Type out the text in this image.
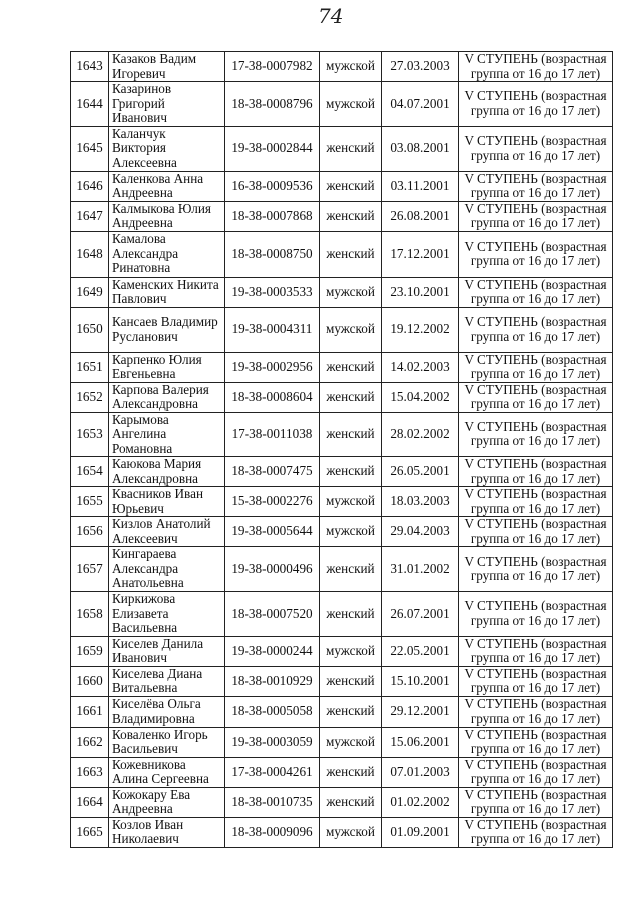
74
1643	Казаков Вадим Игоревич	17-38-0007982	мужской	27.03.2003	V СТУПЕНЬ (возрастная группа от 16 до 17 лет)
1644	Казаринов Григорий Иванович	18-38-0008796	мужской	04.07.2001	V СТУПЕНЬ (возрастная группа от 16 до 17 лет)
1645	Каланчук Виктория Алексеевна	19-38-0002844	женский	03.08.2001	V СТУПЕНЬ (возрастная группа от 16 до 17 лет)
1646	Каленкова Анна Андреевна	16-38-0009536	женский	03.11.2001	V СТУПЕНЬ (возрастная группа от 16 до 17 лет)
1647	Калмыкова Юлия Андреевна	18-38-0007868	женский	26.08.2001	V СТУПЕНЬ (возрастная группа от 16 до 17 лет)
1648	Камалова Александра Ринатовна	18-38-0008750	женский	17.12.2001	V СТУПЕНЬ (возрастная группа от 16 до 17 лет)
1649	Каменских Никита Павлович	19-38-0003533	мужской	23.10.2001	V СТУПЕНЬ (возрастная группа от 16 до 17 лет)
1650	Кансаев Владимир Русланович	19-38-0004311	мужской	19.12.2002	V СТУПЕНЬ (возрастная группа от 16 до 17 лет)
1651	Карпенко Юлия Евгеньевна	19-38-0002956	женский	14.02.2003	V СТУПЕНЬ (возрастная группа от 16 до 17 лет)
1652	Карпова Валерия Александровна	18-38-0008604	женский	15.04.2002	V СТУПЕНЬ (возрастная группа от 16 до 17 лет)
1653	Карымова Ангелина Романовна	17-38-0011038	женский	28.02.2002	V СТУПЕНЬ (возрастная группа от 16 до 17 лет)
1654	Каюкова Мария Александровна	18-38-0007475	женский	26.05.2001	V СТУПЕНЬ (возрастная группа от 16 до 17 лет)
1655	Квасников Иван Юрьевич	15-38-0002276	мужской	18.03.2003	V СТУПЕНЬ (возрастная группа от 16 до 17 лет)
1656	Кизлов Анатолий Алексеевич	19-38-0005644	мужской	29.04.2003	V СТУПЕНЬ (возрастная группа от 16 до 17 лет)
1657	Кингараева Александра Анатольевна	19-38-0000496	женский	31.01.2002	V СТУПЕНЬ (возрастная группа от 16 до 17 лет)
1658	Киркижова Елизавета Васильевна	18-38-0007520	женский	26.07.2001	V СТУПЕНЬ (возрастная группа от 16 до 17 лет)
1659	Киселев Данила Иванович	19-38-0000244	мужской	22.05.2001	V СТУПЕНЬ (возрастная группа от 16 до 17 лет)
1660	Киселева Диана Витальевна	18-38-0010929	женский	15.10.2001	V СТУПЕНЬ (возрастная группа от 16 до 17 лет)
1661	Киселёва Ольга Владимировна	18-38-0005058	женский	29.12.2001	V СТУПЕНЬ (возрастная группа от 16 до 17 лет)
1662	Коваленко Игорь Васильевич	19-38-0003059	мужской	15.06.2001	V СТУПЕНЬ (возрастная группа от 16 до 17 лет)
1663	Кожевникова Алина Сергеевна	17-38-0004261	женский	07.01.2003	V СТУПЕНЬ (возрастная группа от 16 до 17 лет)
1664	Кожокару Ева Андреевна	18-38-0010735	женский	01.02.2002	V СТУПЕНЬ (возрастная группа от 16 до 17 лет)
1665	Козлов Иван Николаевич	18-38-0009096	мужской	01.09.2001	V СТУПЕНЬ (возрастная группа от 16 до 17 лет)
